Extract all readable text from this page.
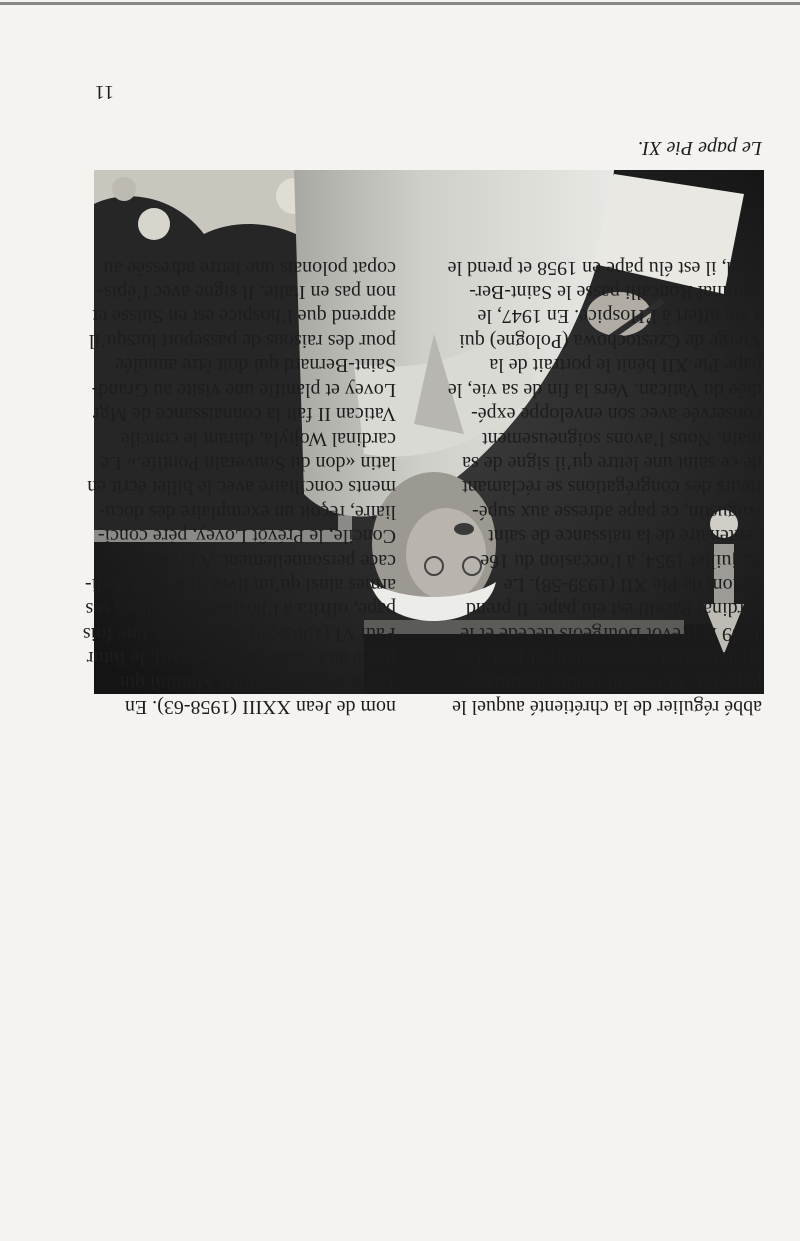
abbé régulier de la chrétienté auquel le
pape Pie XI voulait rendre hommage
en déléguant son secrétaire d’Etat. En
1939 le prévôt Bourgeois décédé et le
cardinal Pacelli est élu pape. Il prend
le nom de Pie XII (1939-58). Le
25 juillet 1954, à l’occasion du 16e
centenaire de la naissance de saint
Augustin, ce pape adresse aux supé-
rieurs des congrégations se réclamant
de ce saint une lettre qu’il signe de sa
main. Nous l’avons soigneusement
conservée avec son enveloppe expé-
diée du Vatican. Vers la fin de sa vie, le
pape Pie XII bénit le portrait de la
Vierge de Czestochowa (Pologne) qui
a été offert à l’Hospice. En 1947, le
cardinal Roncalli passe le Saint-Ber-
nard, il est élu pape en 1958 et prend le
nom de Jean XXIII (1958-63). En
1959, c’est le cardinal Montini qui
passe au Grand-Saint-Bernard, le futur
Paul VI (1963-78). Ce dernier, une fois
pape, offrira à l’hospice un calice à ses
armes ainsi qu’un livre d’or qu’il dédi-
cace personnellement. A la fin du
Concile, le Prévôt Lovey, père conci-
liaire, reçoit un exemplaire des docu-
ments conciliaire avec le billet écrit en
latin «don du Souverain Pontife.» Le
cardinal Wojtyla, durant le concile
Vatican II fait la connaissance de Mgr
Lovey et planifie une visite au Grand-
Saint-Bernard qui doit être annulée
pour des raisons de passeport lorsqu’il
apprend que l’hospice est en Suisse et
non pas en Italie. Il signe avec l’épis-
copat polonais une lettre adressée au
Le pape Pie XI.
11
